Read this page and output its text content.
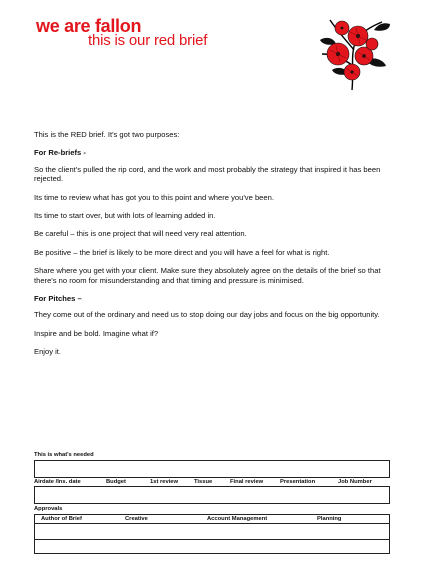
we are fallon
this is our red brief

This is the RED brief. It's got two purposes:

For Re-briefs -

So the client's pulled the rip cord, and the work and most probably the strategy that inspired it has been rejected.

Its time to review what has got you to this point and where you've been.

Its time to start over, but with lots of learning added in.

Be careful – this is one project that will need very real attention.

Be positive – the brief is likely to be more direct and you will have a feel for what is right.

Share where you get with your client. Make sure they absolutely agree on the details of the brief so that there's no room for misunderstanding and that timing and pressure is minimised.

For Pitches –

They come out of the ordinary and need us to stop doing our day jobs and focus on the big opportunity.

Inspire and be bold. Imagine what if?

Enjoy it.

This is what's needed
Airdate /Ins. date	Budget	1st review	Tissue	Final review	Presentation	Job Number
Approvals
Author of Brief	Creative	Account Management	Planning
